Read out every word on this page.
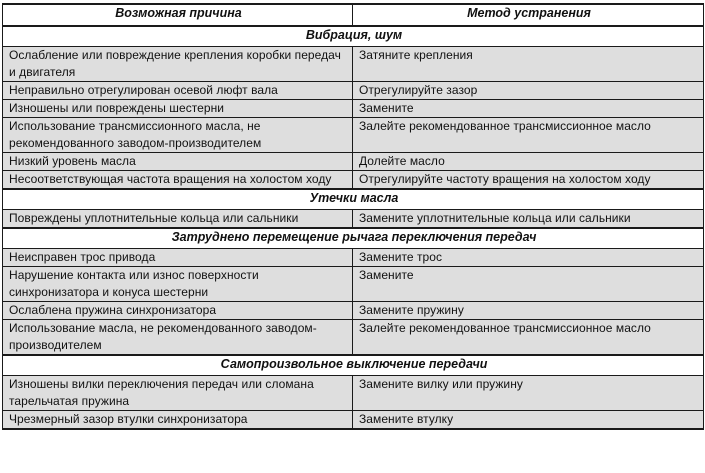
Возможная причина	Метод устранения
Вибрация, шум	
Ослабление или повреждение крепления коробки передач и двигателя	Затяните крепления
Неправильно отрегулирован осевой люфт вала	Отрегулируйте зазор
Изношены или повреждены шестерни	Замените
Использование трансмиссионного масла, не рекомендованного заводом-производителем	Залейте рекомендованное трансмиссионное масло
Низкий уровень масла	Долейте масло
Несоответствующая частота вращения на холостом ходу	Отрегулируйте частоту вращения на холостом ходу
Утечки масла	
Повреждены уплотнительные кольца или сальники	Замените уплотнительные кольца или сальники
Затруднено перемещение рычага переключения передач	
Неисправен трос привода	Замените трос
Нарушение контакта или износ поверхности синхронизатора и конуса шестерни	Замените
Ослаблена пружина синхронизатора	Замените пружину
Использование масла, не рекомендованного заводом-производителем	Залейте рекомендованное трансмиссионное масло
Самопроизвольное выключение передачи	
Изношены вилки переключения передач или сломана тарельчатая пружина	Замените вилку или пружину
Чрезмерный зазор втулки синхронизатора	Замените втулку
